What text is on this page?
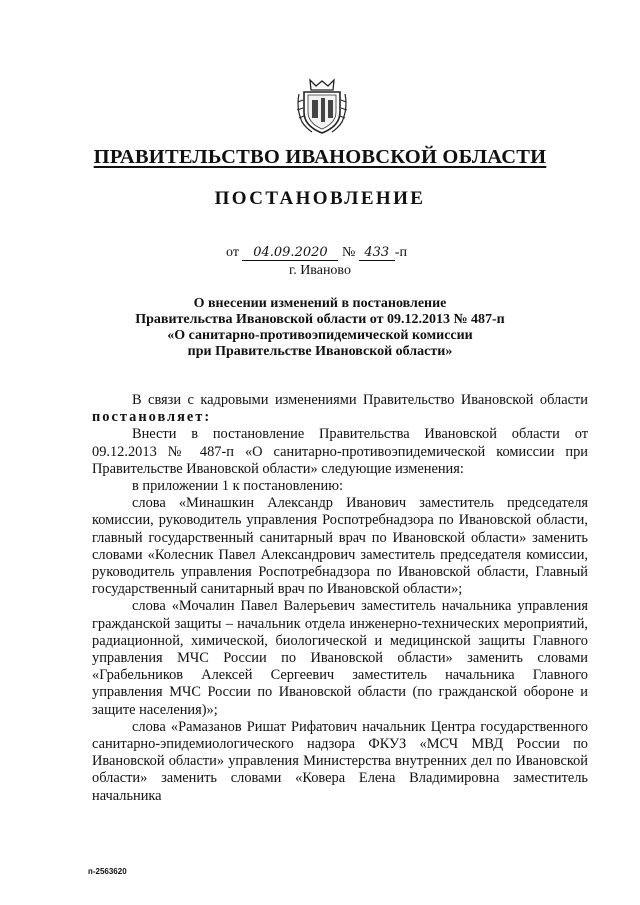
ПРАВИТЕЛЬСТВО ИВАНОВСКОЙ ОБЛАСТИ
ПОСТАНОВЛЕНИЕ
от 04.09.2020 № 433 -п
г. Иваново
О внесении изменений в постановление
Правительства Ивановской области от 09.12.2013 № 487-п
«О санитарно-противоэпидемической комиссии
при Правительстве Ивановской области»

В связи с кадровыми изменениями Правительство Ивановской области постановляет:

Внести в постановление Правительства Ивановской области от 09.12.2013 № 487-п «О санитарно-противоэпидемической комиссии при Правительстве Ивановской области» следующие изменения:

в приложении 1 к постановлению:

слова «Минашкин Александр Иванович заместитель председателя комиссии, руководитель управления Роспотребнадзора по Ивановской области, главный государственный санитарный врач по Ивановской области» заменить словами «Колесник Павел Александрович заместитель председателя комиссии, руководитель управления Роспотребнадзора по Ивановской области, Главный государственный санитарный врач по Ивановской области»;

слова «Мочалин Павел Валерьевич заместитель начальника управления гражданской защиты – начальник отдела инженерно-технических мероприятий, радиационной, химической, биологической и медицинской защиты Главного управления МЧС России по Ивановской области» заменить словами «Грабельников Алексей Сергеевич заместитель начальника Главного управления МЧС России по Ивановской области (по гражданской обороне и защите населения)»;

слова «Рамазанов Ришат Рифатович начальник Центра государственного санитарно-эпидемиологического надзора ФКУЗ «МСЧ МВД России по Ивановской области» управления Министерства внутренних дел по Ивановской области» заменить словами «Ковера Елена Владимировна заместитель начальника

п-2563620
